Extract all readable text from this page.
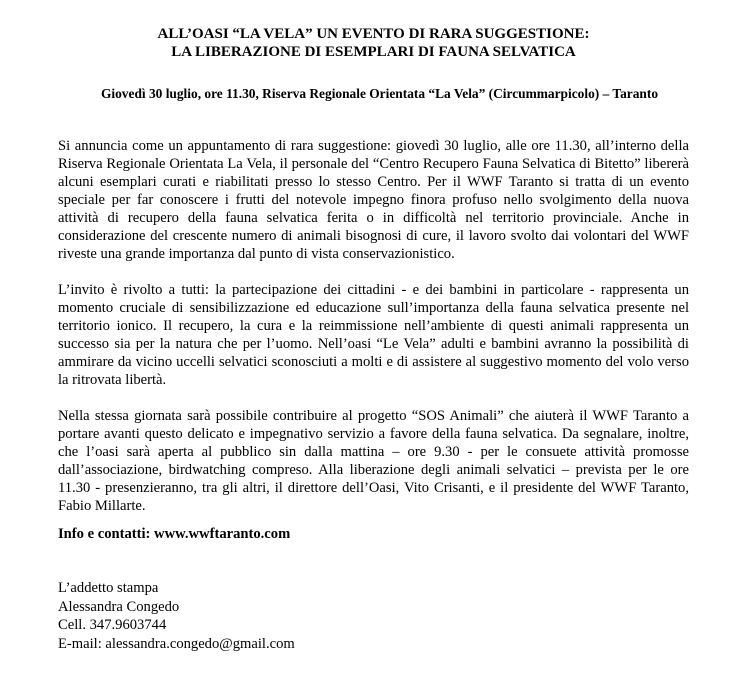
ALL’OASI “LA VELA” UN EVENTO DI RARA SUGGESTIONE:
LA LIBERAZIONE DI ESEMPLARI DI FAUNA SELVATICA
Giovedì 30 luglio, ore 11.30, Riserva Regionale Orientata “La Vela” (Circummarpicolo) – Taranto

Si annuncia come un appuntamento di rara suggestione: giovedì 30 luglio, alle ore 11.30, all’interno della Riserva Regionale Orientata La Vela, il personale del “Centro Recupero Fauna Selvatica di Bitetto” libererà alcuni esemplari curati e riabilitati presso lo stesso Centro. Per il WWF Taranto si tratta di un evento speciale per far conoscere i frutti del notevole impegno finora profuso nello svolgimento della nuova attività di recupero della fauna selvatica ferita o in difficoltà nel territorio provinciale. Anche in considerazione del crescente numero di animali bisognosi di cure, il lavoro svolto dai volontari del WWF riveste una grande importanza dal punto di vista conservazionistico.

L’invito è rivolto a tutti: la partecipazione dei cittadini - e dei bambini in particolare - rappresenta un momento cruciale di sensibilizzazione ed educazione sull’importanza della fauna selvatica presente nel territorio ionico. Il recupero, la cura e la reimmissione nell’ambiente di questi animali rappresenta un successo sia per la natura che per l’uomo. Nell’oasi “Le Vela” adulti e bambini avranno la possibilità di ammirare da vicino uccelli selvatici sconosciuti a molti e di assistere al suggestivo momento del volo verso la ritrovata libertà.

Nella stessa giornata sarà possibile contribuire al progetto “SOS Animali” che aiuterà il WWF Taranto a portare avanti questo delicato e impegnativo servizio a favore della fauna selvatica. Da segnalare, inoltre, che l’oasi sarà aperta al pubblico sin dalla mattina – ore 9.30 - per le consuete attività promosse dall’associazione, birdwatching compreso. Alla liberazione degli animali selvatici – prevista per le ore 11.30 - presenzieranno, tra gli altri, il direttore dell’Oasi, Vito Crisanti, e il presidente del WWF Taranto, Fabio Millarte.

Info e contatti: www.wwftaranto.com
L’addetto stampa
Alessandra Congedo
Cell. 347.9603744
E-mail: alessandra.congedo@gmail.com
